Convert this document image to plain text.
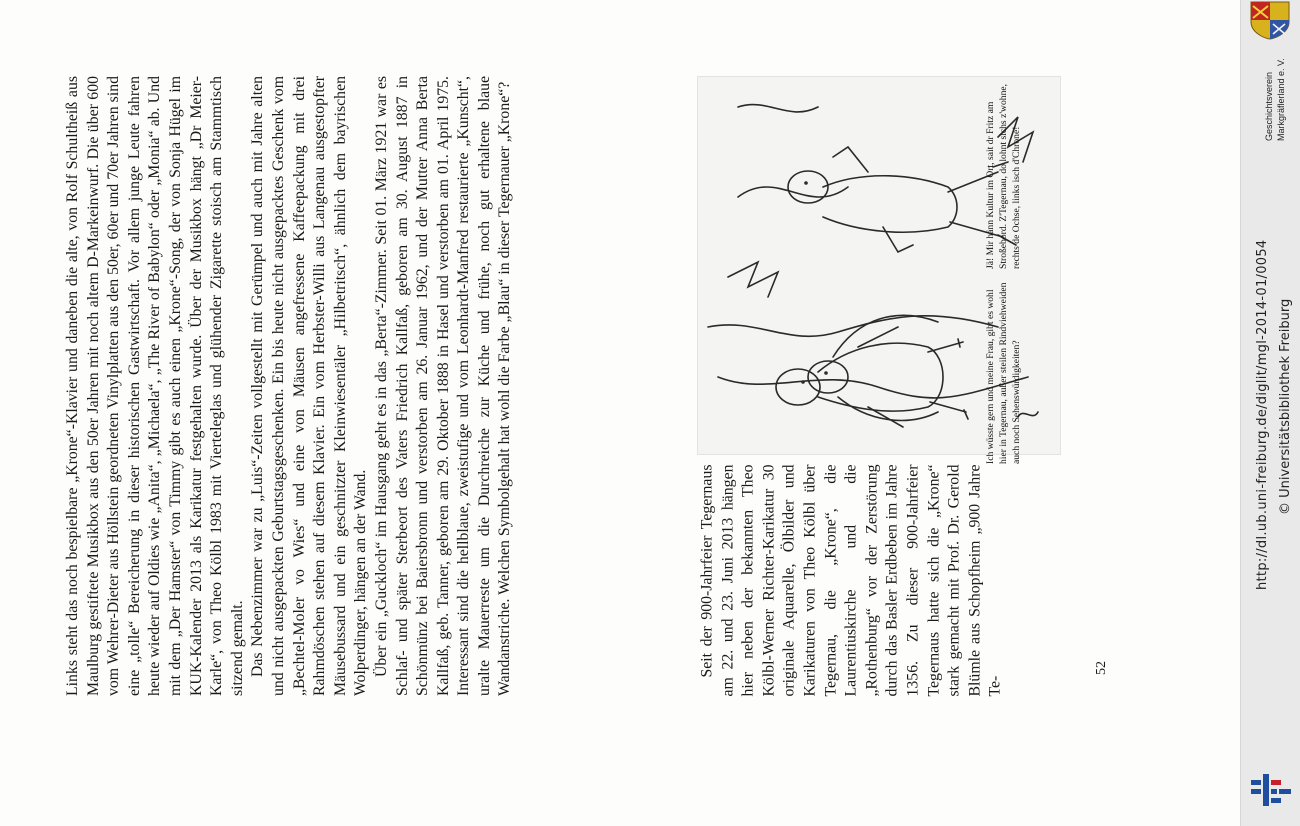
Links steht das noch bespielbare „Krone“-Klavier und daneben die alte, von Rolf Schultheiß aus Maulburg gestiftete Musikbox aus den 50er Jahren mit noch altem D-Markeinwurf. Die über 600 vom Wehrer-Dieter aus Höllstein geordneten Vinylplatten aus den 50er, 60er und 70er Jahren sind eine „tolle“ Bereicherung in dieser historischen Gastwirtschaft. Vor allem junge Leute fahren heute wieder auf Oldies wie „Anita“, „Michaela“, „The River of Babylon“ oder „Monia“ ab. Und mit dem „Der Hamster“ von Timmy gibt es auch einen „Krone“-Song, der von Sonja Hügel im KUK-Kalender 2013 als Karikatur festgehalten wurde. Über der Musikbox hängt „Dr Meier-Karle“, von Theo Kölbl 1983 mit Vierteleglas und glühender Zigarette stoisch am Stammtisch sitzend gemalt. Das Nebenzimmer war zu „Luis“-Zeiten vollgestellt mit Gerümpel und auch mit Jahre alten und nicht ausgepackten Geburtstagsgeschenken. Ein bis heute nicht ausgepacktes Geschenk vom „Bechtel-Moler vo Wies“ und eine von Mäusen angefressene Kaffeepackung mit drei Rahmdöschen stehen auf diesem Klavier. Ein vom Herbster-Willi aus Langenau ausgestopfter Mäusebussard und ein geschnitzter Kleinwiesentäler „Hilbetritsch“, ähnlich dem bayrischen Wolperdinger, hängen an der Wand. Über ein „Guckloch“ im Hausgang geht es in das „Berta“-Zimmer. Seit 01. März 1921 war es Schlaf- und später Sterbeort des Vaters Friedrich Kallfaß, geboren am 30. August 1887 in Schönmünz bei Baiersbronn und verstorben am 26. Januar 1962, und der Mutter Anna Berta Kallfaß, geb. Tanner, geboren am 29. Oktober 1888 in Hasel und verstorben am 01. April 1975. Interessant sind die hellblaue, zweistufige und vom Leonhardt-Manfred restaurierte „Kunscht“, uralte Mauerreste um die Durchreiche zur Küche und frühe, noch gut erhaltene blaue Wandanstriche. Welchen Symbolgehalt hat wohl die Farbe „Blau“ in dieser Tegernauer „Krone“?	Seit der 900-Jahrfeier Tegernaus am 22. und 23. Juni 2013 hängen hier neben der bekannten Theo Kölbl-Werner Richter-Karikatur 30 originale Aquarelle, Ölbilder und Karikaturen von Theo Kölbl über Tegernau, die „Krone“, die Laurentiuskirche und die „Rothenburg“ vor der Zerstörung durch das Basler Erdbeben im Jahre 1356. Zu dieser 900-Jahrfeier Tegernaus hatte sich die „Krone“ stark gemacht mit Prof. Dr. Gerold Blümle aus Schopfheim „900 Jahre Te-

Ich wüsste gern und meine Frau, gibt es wohl hier in Tegernau, außer steilen Rindviehweiden auch noch Sehenswürdigkeiten?
Jä! Mir hänn Kultur im Ort, sait dr Fritz am Stroßebord. Z'Tegernau, do lohnt sichs z'wohne, rechts de Ochse, links isch d'Chrone!
52
Geschichtsverein Markgräflerland e. V.
http://dl.ub.uni-freiburg.de/diglit/mgl-2014-01/0054 © Universitätsbibliothek Freiburg
